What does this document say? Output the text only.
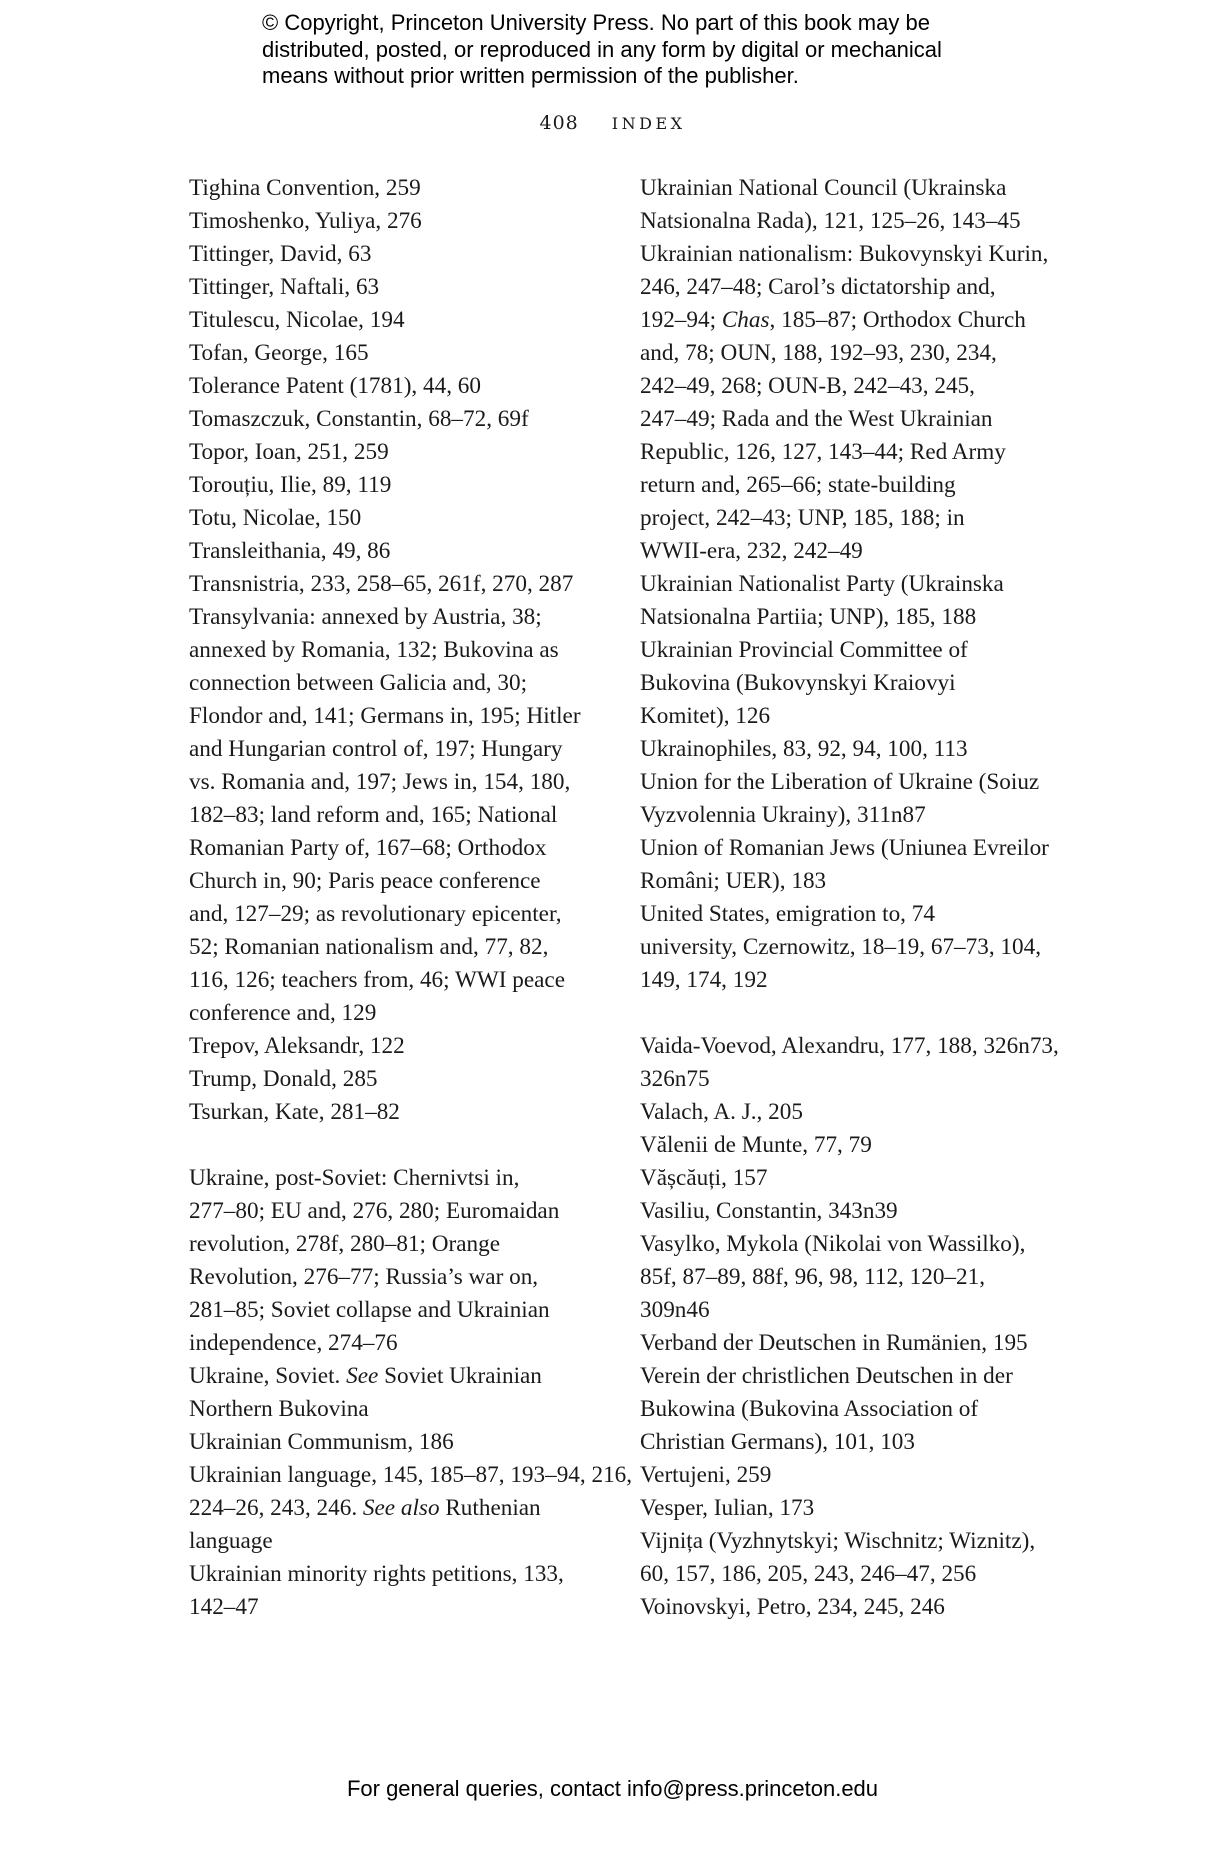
© Copyright, Princeton University Press. No part of this book may be
distributed, posted, or reproduced in any form by digital or mechanical
means without prior written permission of the publisher.
408 INDEX
Tighina Convention, 259
Timoshenko, Yuliya, 276
Tittinger, David, 63
Tittinger, Naftali, 63
Titulescu, Nicolae, 194
Tofan, George, 165
Tolerance Patent (1781), 44, 60
Tomaszczuk, Constantin, 68–72, 69f
Topor, Ioan, 251, 259
Torouțiu, Ilie, 89, 119
Totu, Nicolae, 150
Transleithania, 49, 86
Transnistria, 233, 258–65, 261f, 270, 287
Transylvania: annexed by Austria, 38;
annexed by Romania, 132; Bukovina as
connection between Galicia and, 30;
Flondor and, 141; Germans in, 195; Hitler
and Hungarian control of, 197; Hungary
vs. Romania and, 197; Jews in, 154, 180,
182–83; land reform and, 165; National
Romanian Party of, 167–68; Orthodox
Church in, 90; Paris peace conference
and, 127–29; as revolutionary epicenter,
52; Romanian nationalism and, 77, 82,
116, 126; teachers from, 46; WWI peace
conference and, 129
Trepov, Aleksandr, 122
Trump, Donald, 285
Tsurkan, Kate, 281–82
Ukraine, post-Soviet: Chernivtsi in,
277–80; EU and, 276, 280; Euromaidan
revolution, 278f, 280–81; Orange
Revolution, 276–77; Russia’s war on,
281–85; Soviet collapse and Ukrainian
independence, 274–76
Ukraine, Soviet. See Soviet Ukrainian
Northern Bukovina
Ukrainian Communism, 186
Ukrainian language, 145, 185–87, 193–94, 216,
224–26, 243, 246. See also Ruthenian
language
Ukrainian minority rights petitions, 133,
142–47
Ukrainian National Council (Ukrainska
Natsionalna Rada), 121, 125–26, 143–45
Ukrainian nationalism: Bukovynskyi Kurin,
246, 247–48; Carol’s dictatorship and,
192–94; Chas, 185–87; Orthodox Church
and, 78; OUN, 188, 192–93, 230, 234,
242–49, 268; OUN-B, 242–43, 245,
247–49; Rada and the West Ukrainian
Republic, 126, 127, 143–44; Red Army
return and, 265–66; state-building
project, 242–43; UNP, 185, 188; in
WWII-era, 232, 242–49
Ukrainian Nationalist Party (Ukrainska
Natsionalna Partiia; UNP), 185, 188
Ukrainian Provincial Committee of
Bukovina (Bukovynskyi Kraiovyi
Komitet), 126
Ukrainophiles, 83, 92, 94, 100, 113
Union for the Liberation of Ukraine (Soiuz
Vyzvolennia Ukrainy), 311n87
Union of Romanian Jews (Uniunea Evreilor
Români; UER), 183
United States, emigration to, 74
university, Czernowitz, 18–19, 67–73, 104,
149, 174, 192
Vaida-Voevod, Alexandru, 177, 188, 326n73,
326n75
Valach, A. J., 205
Vălenii de Munte, 77, 79
Vășcăuți, 157
Vasiliu, Constantin, 343n39
Vasylko, Mykola (Nikolai von Wassilko),
85f, 87–89, 88f, 96, 98, 112, 120–21,
309n46
Verband der Deutschen in Rumänien, 195
Verein der christlichen Deutschen in der
Bukowina (Bukovina Association of
Christian Germans), 101, 103
Vertujeni, 259
Vesper, Iulian, 173
Vijnița (Vyzhnytskyi; Wischnitz; Wiznitz),
60, 157, 186, 205, 243, 246–47, 256
Voinovskyi, Petro, 234, 245, 246
For general queries, contact info@press.princeton.edu
